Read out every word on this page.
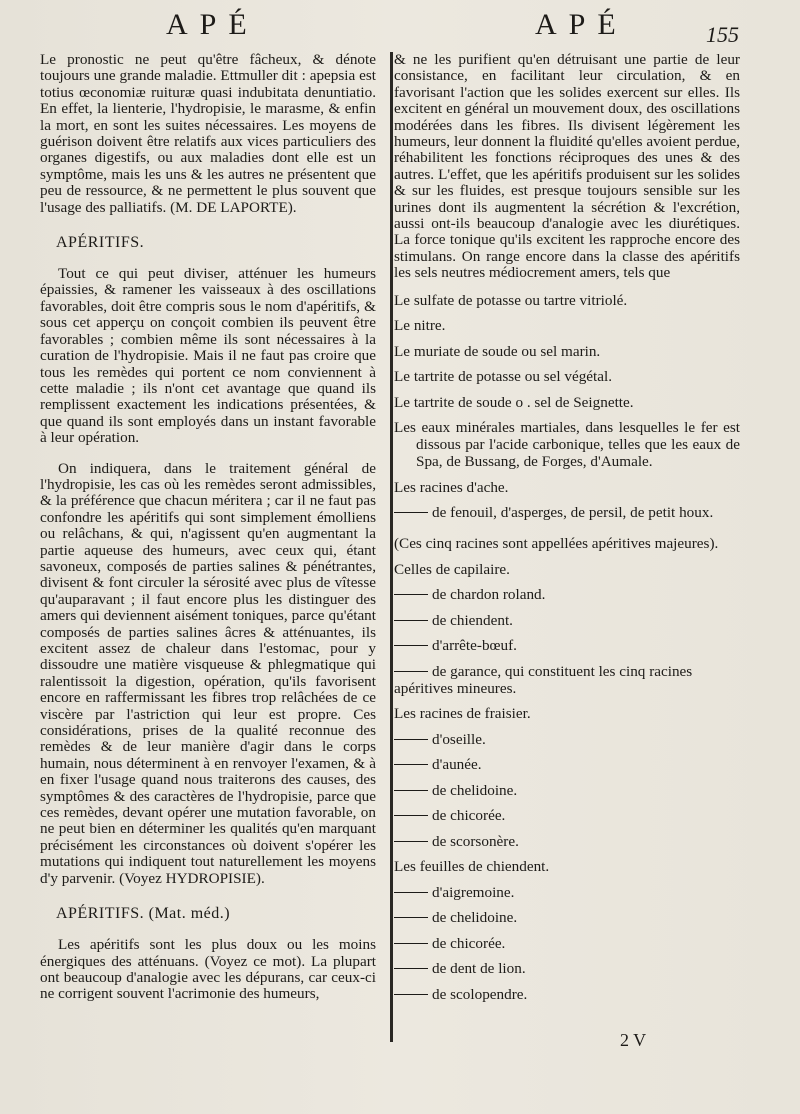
APÉ	APÉ	155

Le pronostic ne peut qu'être fâcheux, & dénote toujours une grande maladie. Ettmuller dit : apepsia est totius œconomiæ ruituræ quasi indubitata denuntiatio. En effet, la lienterie, l'hydropisie, le marasme, & enfin la mort, en sont les suites nécessaires. Les moyens de guérison doivent être relatifs aux vices particuliers des organes digestifs, ou aux maladies dont elle est un symptôme, mais les uns & les autres ne présentent que peu de ressource, & ne permettent le plus souvent que l'usage des palliatifs. (M. DE LAPORTE).

APÉRITIFS.

Tout ce qui peut diviser, atténuer les humeurs épaissies, & ramener les vaisseaux à des oscillations favorables, doit être compris sous le nom d'apéritifs, & sous cet apperçu on conçoit combien ils peuvent être favorables ; combien même ils sont nécessaires à la curation de l'hydropisie. Mais il ne faut pas croire que tous les remèdes qui portent ce nom conviennent à cette maladie ; ils n'ont cet avantage que quand ils remplissent exactement les indications présentées, & que quand ils sont employés dans un instant favorable à leur opération.

On indiquera, dans le traitement général de l'hydropisie, les cas où les remèdes seront admissibles, & la préférence que chacun méritera ; car il ne faut pas confondre les apéritifs qui sont simplement émolliens ou relâchans, & qui, n'agissent qu'en augmentant la partie aqueuse des humeurs, avec ceux qui, étant savoneux, composés de parties salines & pénétrantes, divisent & font circuler la sérosité avec plus de vîtesse qu'auparavant ; il faut encore plus les distinguer des amers qui deviennent aisément toniques, parce qu'étant composés de parties salines âcres & atténuantes, ils excitent assez de chaleur dans l'estomac, pour y dissoudre une matière visqueuse & phlegmatique qui ralentissoit la digestion, opération, qu'ils favorisent encore en raffermissant les fibres trop relâchées de ce viscère par l'astriction qui leur est propre. Ces considérations, prises de la qualité reconnue des remèdes & de leur manière d'agir dans le corps humain, nous déterminent à en renvoyer l'examen, & à en fixer l'usage quand nous traiterons des causes, des symptômes & des caractères de l'hydropisie, parce que ces remèdes, devant opérer une mutation favorable, on ne peut bien en déterminer les qualités qu'en marquant précisément les circonstances où doivent s'opérer les mutations qui indiquent tout naturellement les moyens d'y parvenir. (Voyez HYDROPISIE).

APÉRITIFS. (Mat. méd.)

Les apéritifs sont les plus doux ou les moins énergiques des atténuans. (Voyez ce mot). La plupart ont beaucoup d'analogie avec les dépurans, car ceux-ci ne corrigent souvent l'acrimonie des humeurs,

& ne les purifient qu'en détruisant une partie de leur consistance, en facilitant leur circulation, & en favorisant l'action que les solides exercent sur elles. Ils excitent en général un mouvement doux, des oscillations modérées dans les fibres. Ils divisent légèrement les humeurs, leur donnent la fluidité qu'elles avoient perdue, réhabilitent les fonctions réciproques des unes & des autres. L'effet, que les apéritifs produisent sur les solides & sur les fluides, est presque toujours sensible sur les urines dont ils augmentent la sécrétion & l'excrétion, aussi ont-ils beaucoup d'analogie avec les diurétiques. La force tonique qu'ils excitent les rapproche encore des stimulans. On range encore dans la classe des apéritifs les sels neutres médiocrement amers, tels que

Le sulfate de potasse ou tartre vitriolé.
Le nitre.
Le muriate de soude ou sel marin.
Le tartrite de potasse ou sel végétal.
Le tartrite de soude o . sel de Seignette.
Les eaux minérales martiales, dans lesquelles le fer est dissous par l'acide carbonique, telles que les eaux de Spa, de Bussang, de Forges, d'Aumale.
Les racines d'ache.
de fenouil, d'asperges, de persil, de petit houx.
(Ces cinq racines sont appellées apéritives majeures).
Celles de capilaire.
de chardon roland.
de chiendent.
d'arrête-bœuf.
de garance, qui constituent les cinq racines apéritives mineures.
Les racines de fraisier.
d'oseille.
d'aunée.
de chelidoine.
de chicorée.
de scorsonère.
Les feuilles de chiendent.
d'aigremoine.
de chelidoine.
de chicorée.
de dent de lion.
de scolopendre.
2 V
